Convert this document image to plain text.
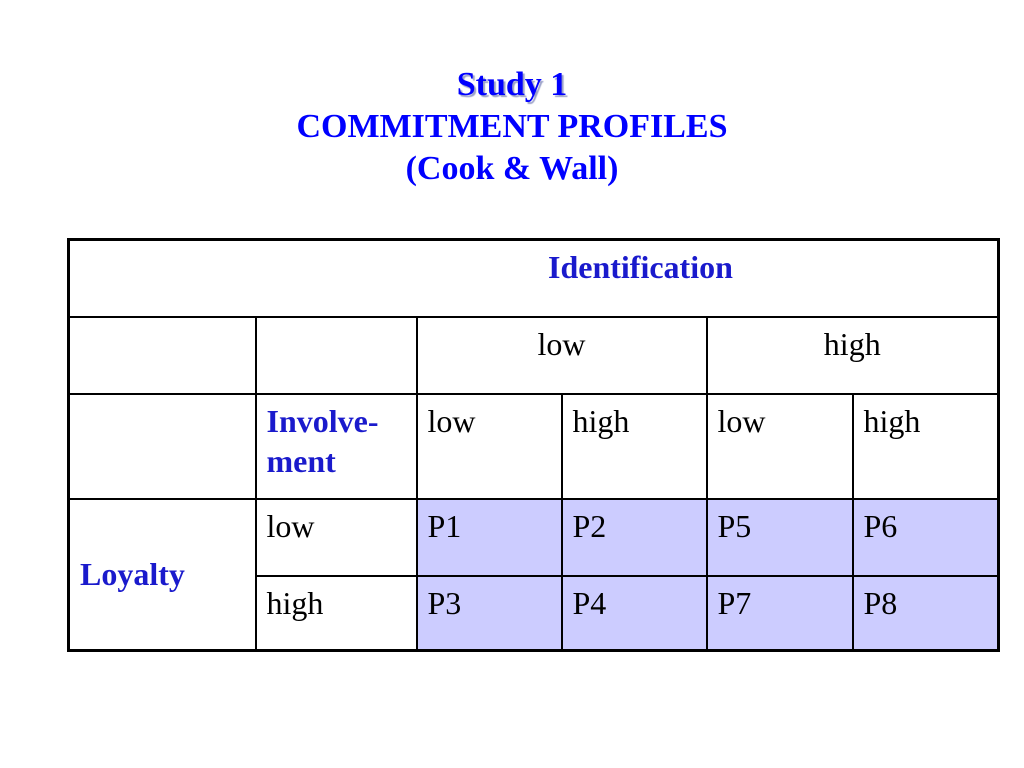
Study 1
COMMITMENT PROFILES
(Cook & Wall)
Identification					
		low		high	
	Involve-
ment	low	high	low	high
Loyalty	low	P1	P2	P5	P6
	high	P3	P4	P7	P8
